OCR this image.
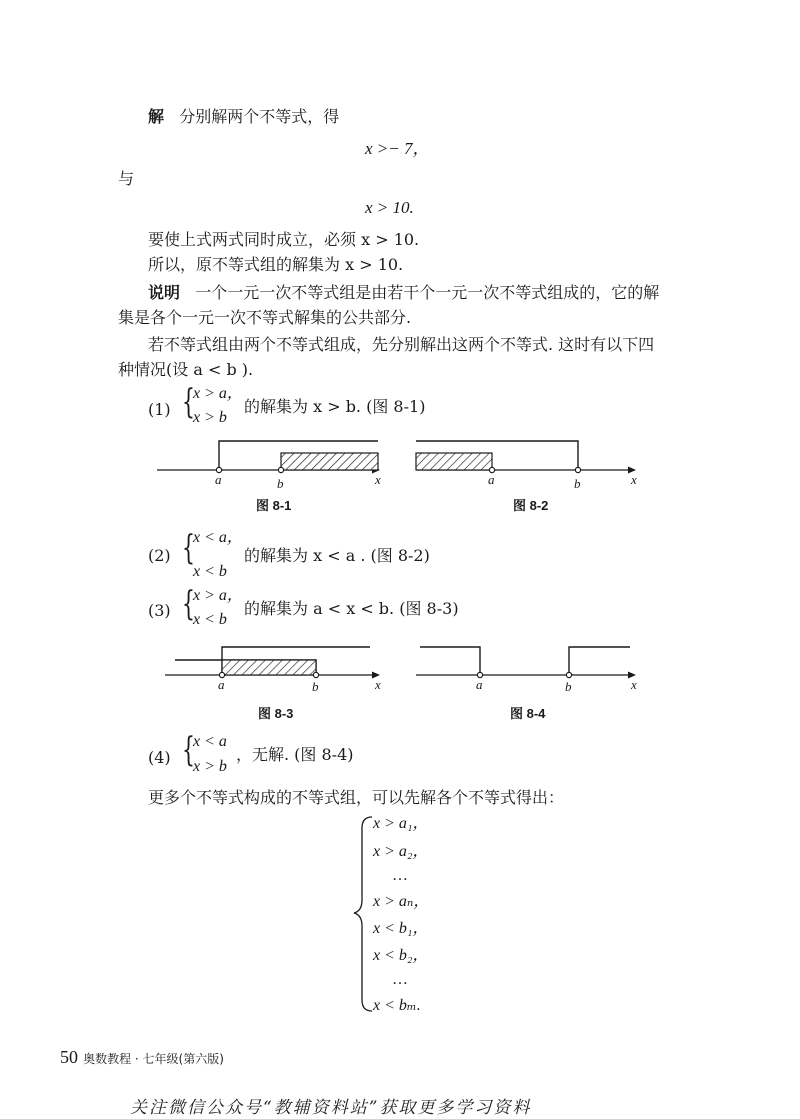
解 分别解两个不等式，得
x >− 7，
与
x > 10.
要使上式两式同时成立，必须 x > 10.
所以，原不等式组的解集为 x > 10.
说明 一个一元一次不等式组是由若干个一元一次不等式组成的，它的解
集是各个一元一次不等式解集的公共部分.
若不等式组由两个不等式组成，先分别解出这两个不等式. 这时有以下四
种情况(设 a < b ).
(1) {
x > a，
x > b
的解集为 x > b. (图 8-1)
a	b	x
图 8-1
a	b	x
图 8-2
(2) {
x < a，
x < b
的解集为 x < a . (图 8-2)
(3) {
x > a，
x < b
的解集为 a < x < b. (图 8-3)
a	b	x
图 8-3
a	b	x
图 8-4
(4) {
x < a
x > b
，无解. (图 8-4)
更多个不等式构成的不等式组，可以先解各个不等式得出：
x > a₁，
x > a₂，
…
x > aₙ，
x < b₁，
x < b₂，
…
x < bₘ.
50 奥数教程 · 七年级(第六版)
关注微信公众号“教辅资料站”获取更多学习资料
